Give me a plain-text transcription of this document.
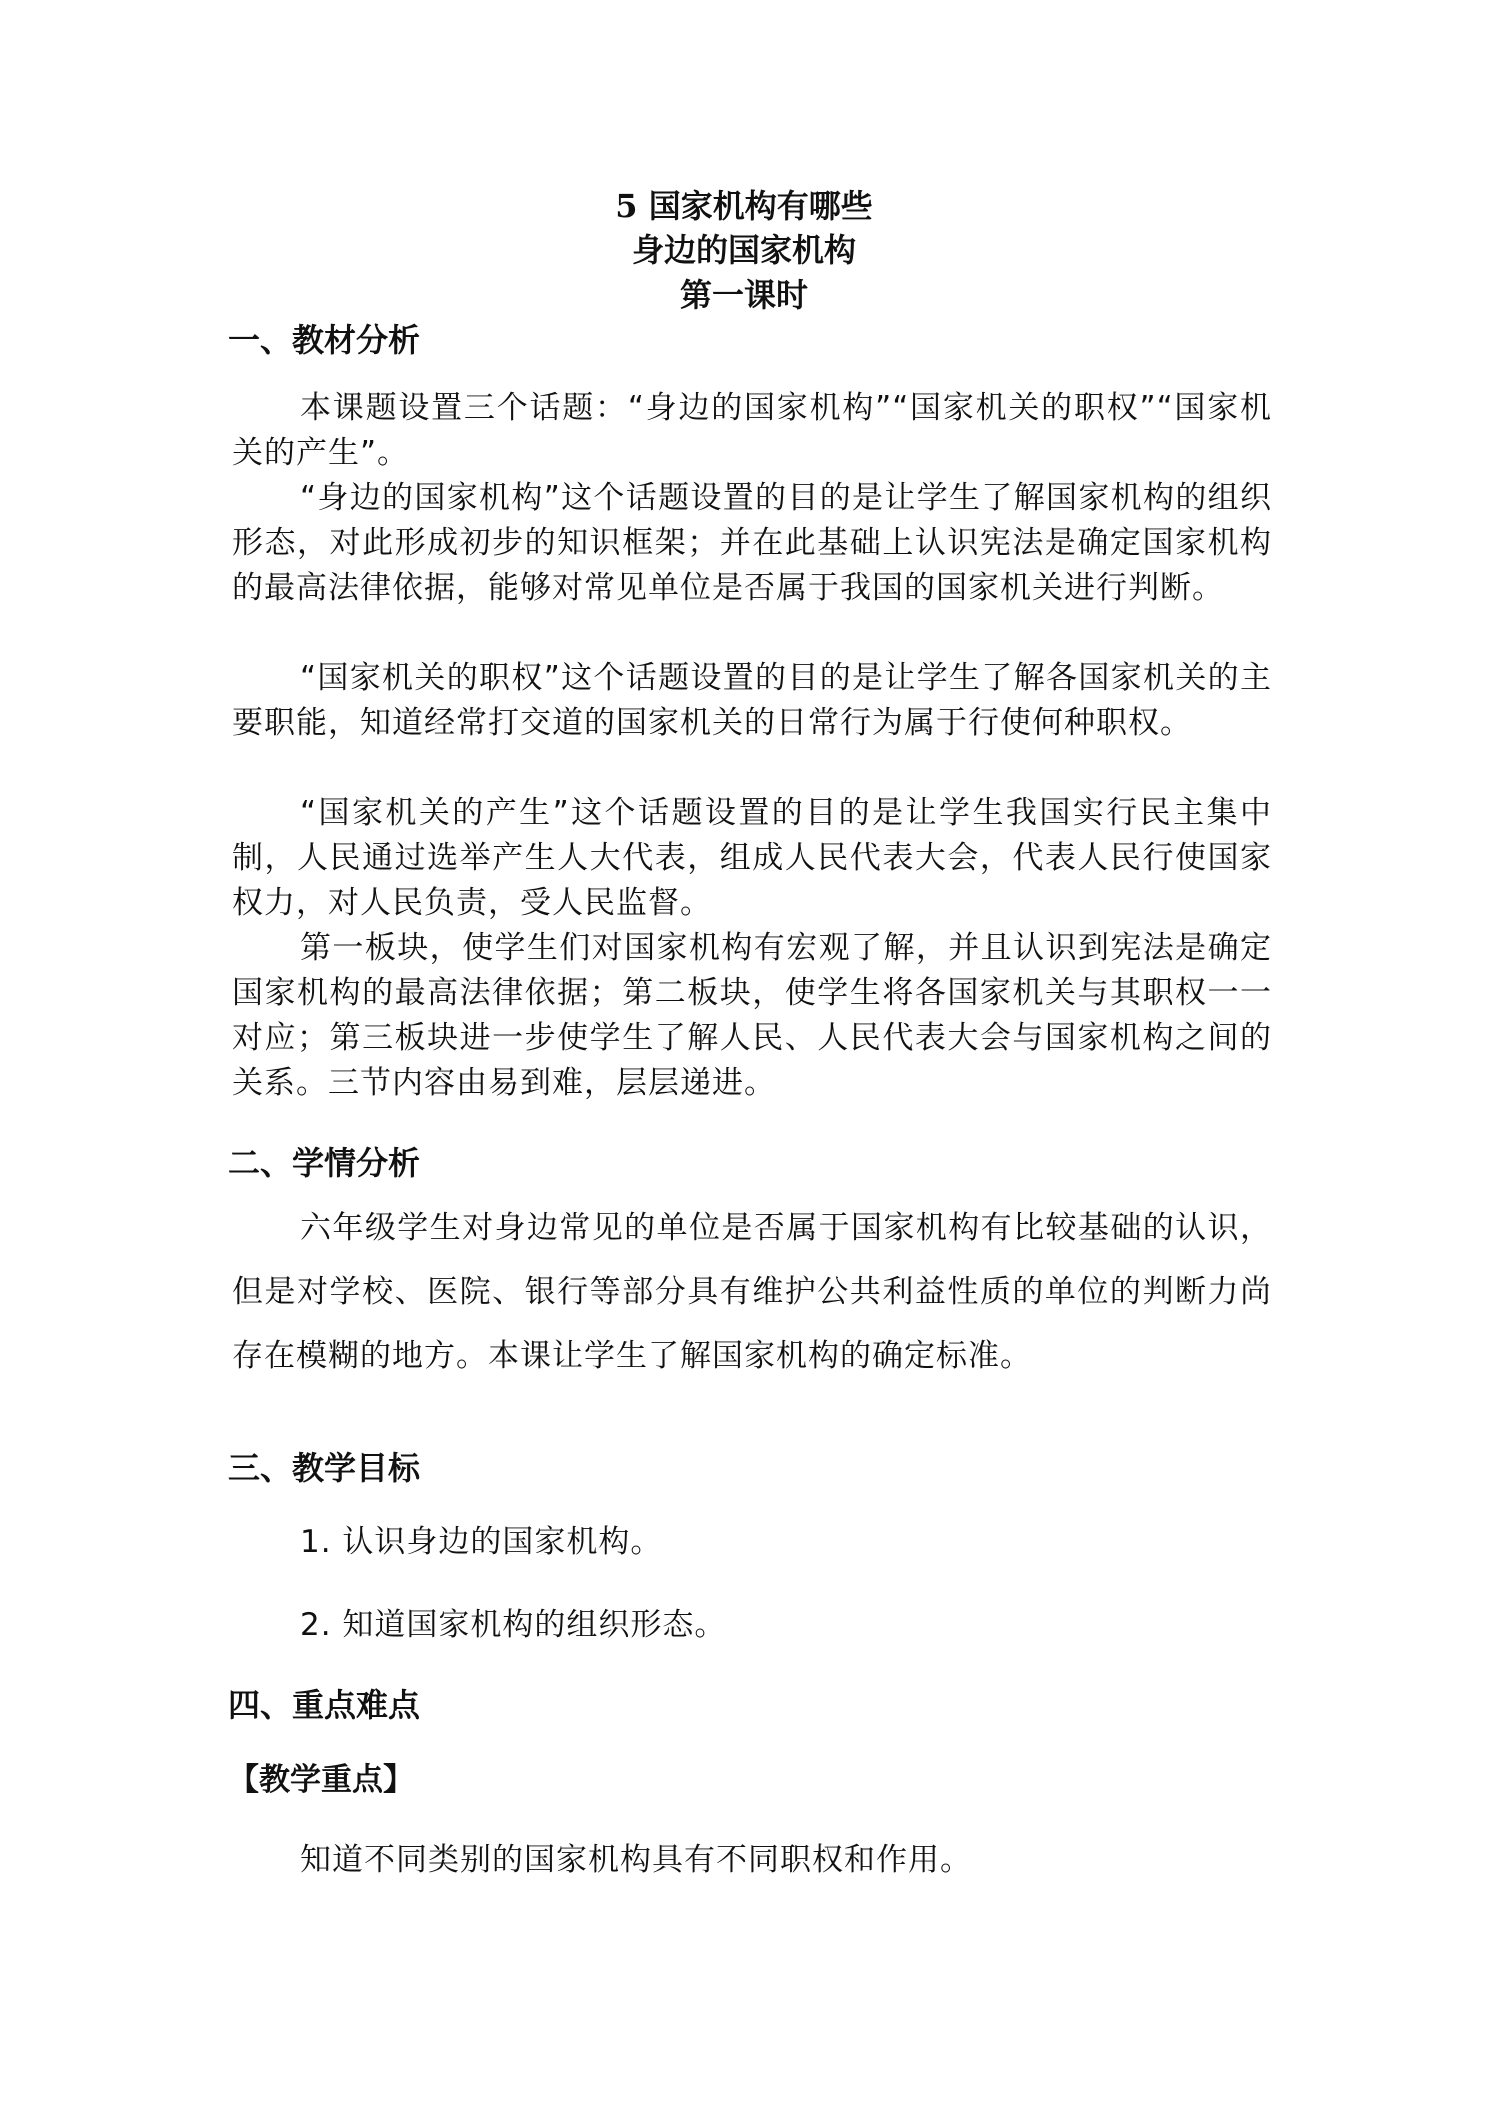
5 国家机构有哪些
身边的国家机构
第一课时
一、教材分析

本课题设置三个话题：“身边的国家机构”“国家机关的职权”“国家机关的产生”。

“身边的国家机构”这个话题设置的目的是让学生了解国家机构的组织形态，对此形成初步的知识框架；并在此基础上认识宪法是确定国家机构的最高法律依据，能够对常见单位是否属于我国的国家机关进行判断。

“国家机关的职权”这个话题设置的目的是让学生了解各国家机关的主要职能，知道经常打交道的国家机关的日常行为属于行使何种职权。

“国家机关的产生”这个话题设置的目的是让学生我国实行民主集中制，人民通过选举产生人大代表，组成人民代表大会，代表人民行使国家权力，对人民负责，受人民监督。

第一板块，使学生们对国家机构有宏观了解，并且认识到宪法是确定国家机构的最高法律依据；第二板块，使学生将各国家机关与其职权一一对应；第三板块进一步使学生了解人民、人民代表大会与国家机构之间的关系。三节内容由易到难，层层递进。

二、学情分析

六年级学生对身边常见的单位是否属于国家机构有比较基础的认识，但是对学校、医院、银行等部分具有维护公共利益性质的单位的判断力尚存在模糊的地方。本课让学生了解国家机构的确定标准。

三、教学目标

1. 认识身边的国家机构。

2. 知道国家机构的组织形态。

四、重点难点

【教学重点】

知道不同类别的国家机构具有不同职权和作用。
